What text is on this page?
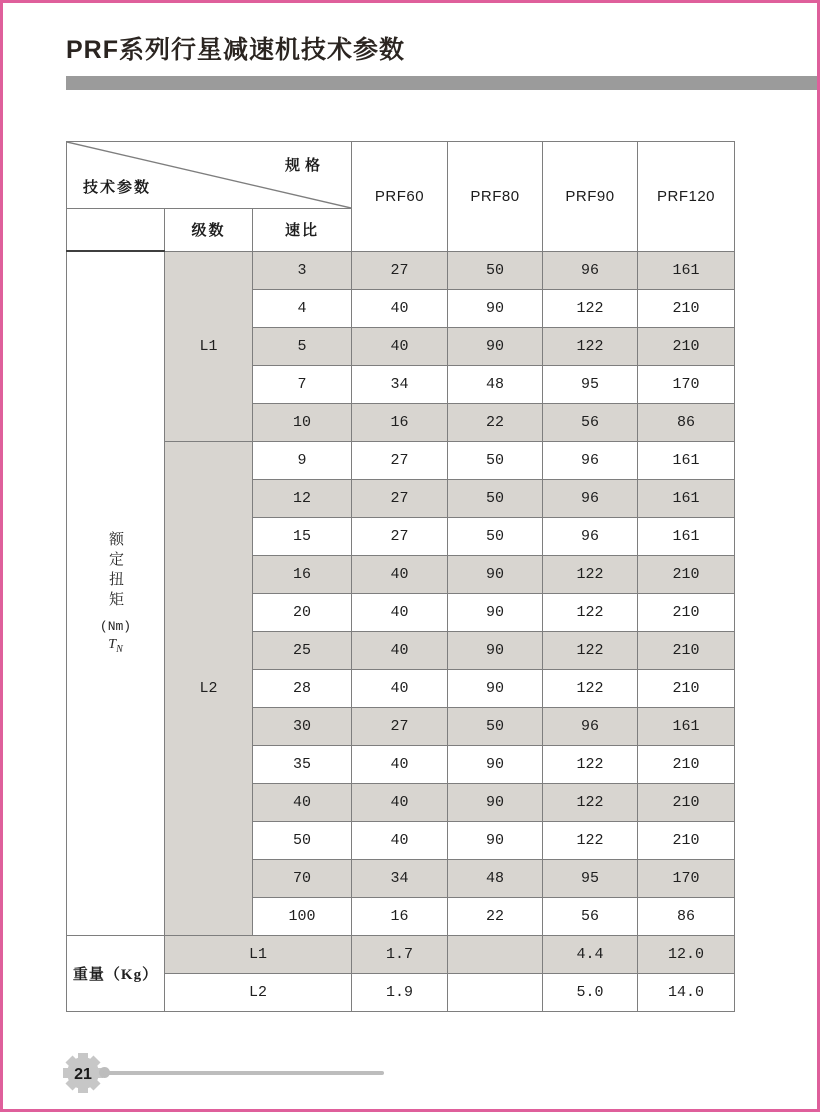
PRF系列行星减速机技术参数
规格
技术参数			PRF60	PRF80	PRF90	PRF120
	级数	速比				

额定扭矩
(Nm)
$T_N$	L1	3	27	50	96	161
		4	40	90	122	210
		5	40	90	122	210
		7	34	48	95	170
		10	16	22	56	86
	L2	9	27	50	96	161
		12	27	50	96	161
		15	27	50	96	161
		16	40	90	122	210
		20	40	90	122	210
		25	40	90	122	210
		28	40	90	122	210
		30	27	50	96	161
		35	40	90	122	210
		40	40	90	122	210
		50	40	90	122	210
		70	34	48	95	170
		100	16	22	56	86
重量（Kg）	L1		1.7		4.4	12.0
	L2		1.9		5.0	14.0
21
